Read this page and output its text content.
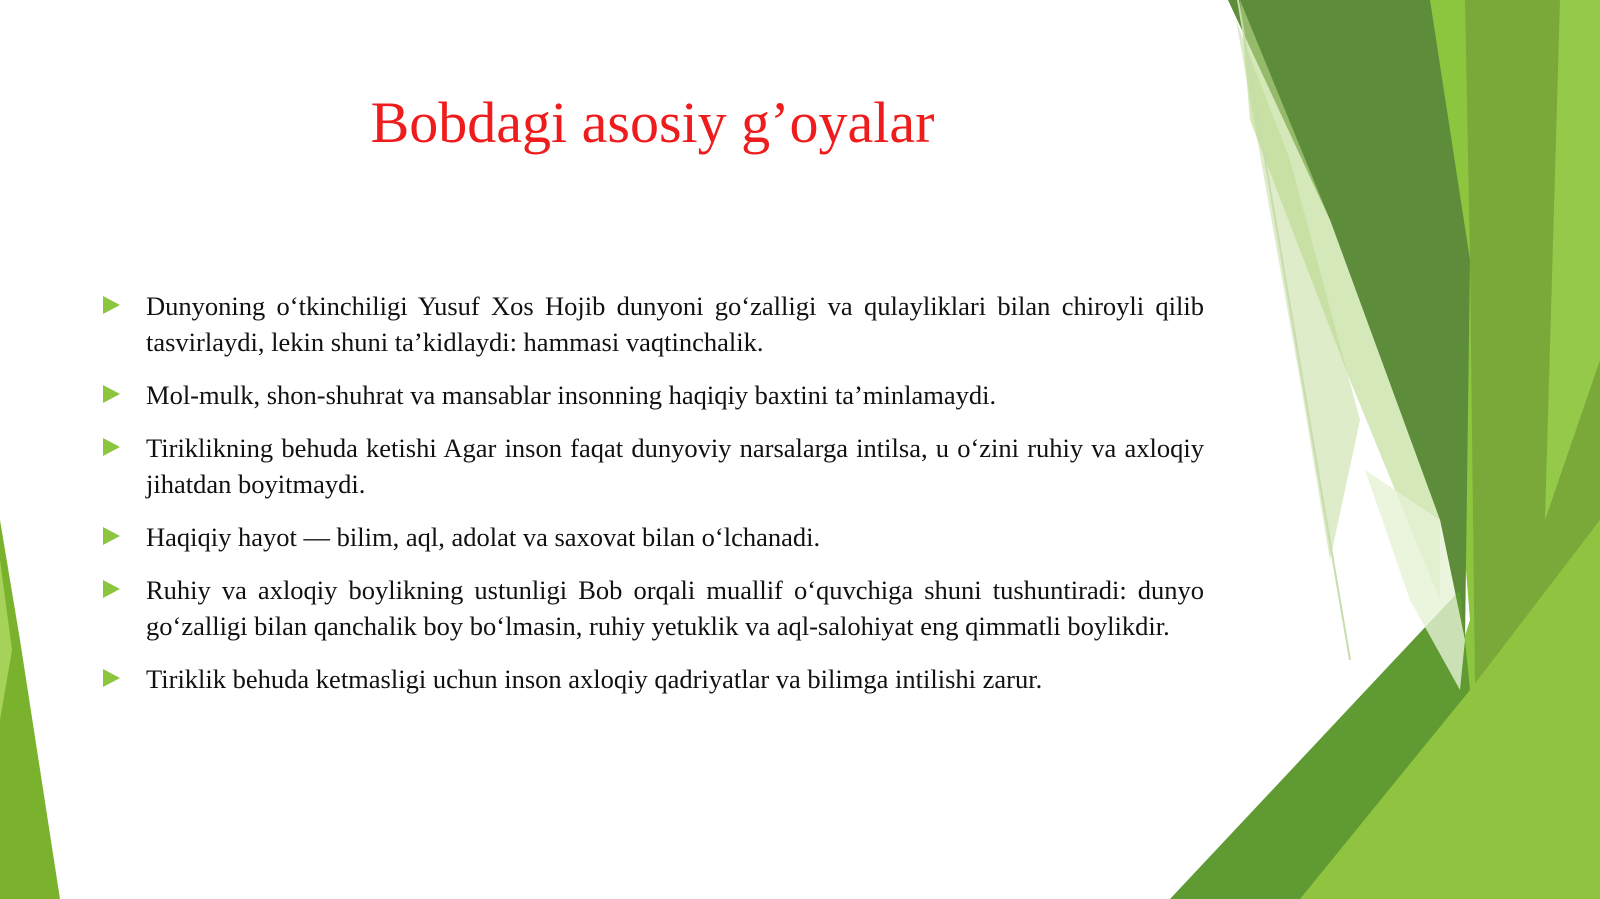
Bobdagi asosiy g’oyalar
Dunyoning o‘tkinchiligi Yusuf Xos Hojib dunyoni go‘zalligi va qulayliklari bilan chiroyli qilib tasvirlaydi, lekin shuni ta’kidlaydi: hammasi vaqtinchalik.
Mol-mulk, shon-shuhrat va mansablar insonning haqiqiy baxtini ta’minlamaydi.
Tiriklikning behuda ketishi Agar inson faqat dunyoviy narsalarga intilsa, u o‘zini ruhiy va axloqiy jihatdan boyitmaydi.
Haqiqiy hayot — bilim, aql, adolat va saxovat bilan o‘lchanadi.
Ruhiy va axloqiy boylikning ustunligi Bob orqali muallif o‘quvchiga shuni tushuntiradi: dunyo go‘zalligi bilan qanchalik boy bo‘lmasin, ruhiy yetuklik va aql-salohiyat eng qimmatli boylikdir.
Tiriklik behuda ketmasligi uchun inson axloqiy qadriyatlar va bilimga intilishi zarur.
